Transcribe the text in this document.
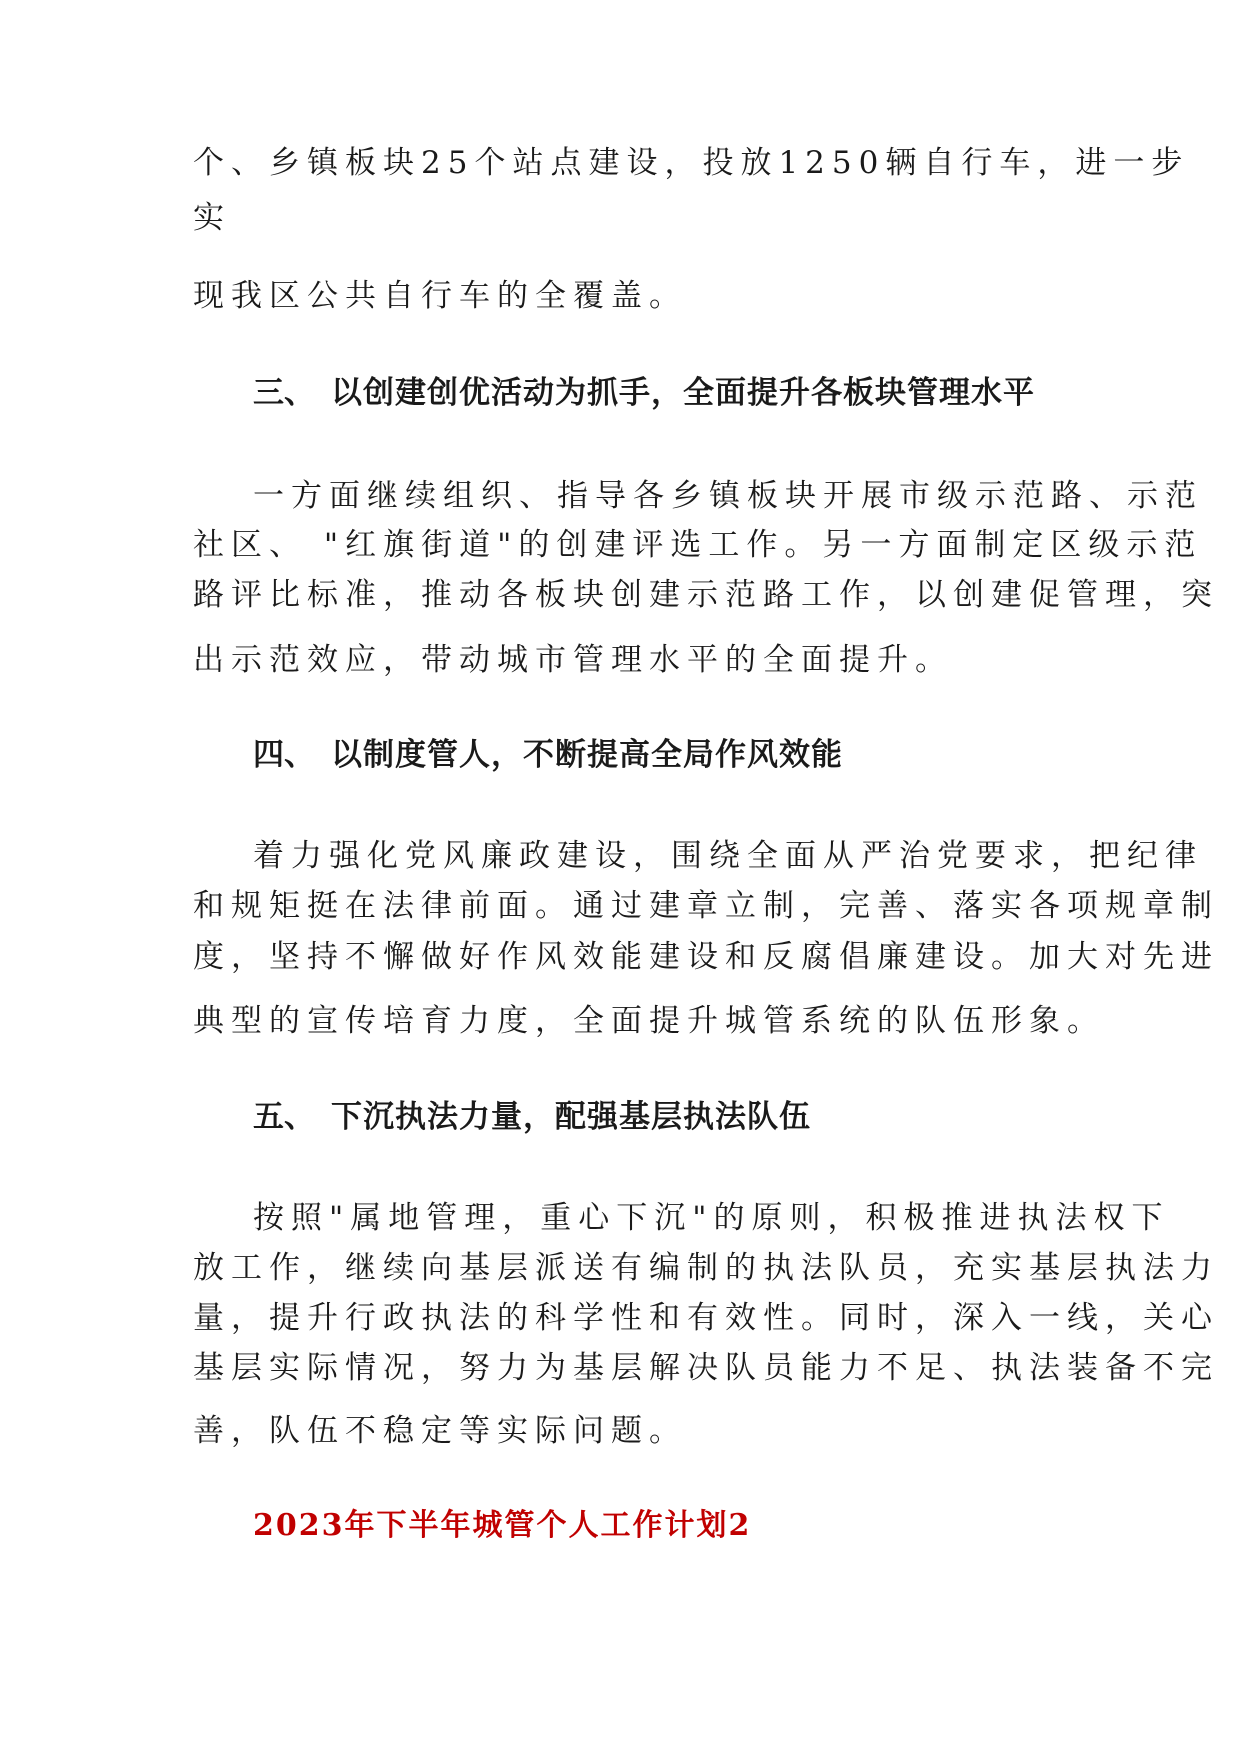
个、乡镇板块25个站点建设，投放1250辆自行车，进一步
实
现我区公共自行车的全覆盖。
三、 以创建创优活动为抓手，全面提升各板块管理水平
一方面继续组织、指导各乡镇板块开展市级示范路、示范
社区、 "红旗街道"的创建评选工作。另一方面制定区级示范
路评比标准，推动各板块创建示范路工作，以创建促管理，突
出示范效应，带动城市管理水平的全面提升。
四、 以制度管人，不断提高全局作风效能
着力强化党风廉政建设，围绕全面从严治党要求，把纪律
和规矩挺在法律前面。通过建章立制，完善、落实各项规章制
度，坚持不懈做好作风效能建设和反腐倡廉建设。加大对先进
典型的宣传培育力度，全面提升城管系统的队伍形象。
五、 下沉执法力量，配强基层执法队伍
按照"属地管理，重心下沉"的原则，积极推进执法权下
放工作，继续向基层派送有编制的执法队员，充实基层执法力
量，提升行政执法的科学性和有效性。同时，深入一线，关心
基层实际情况，努力为基层解决队员能力不足、执法装备不完
善，队伍不稳定等实际问题。
2023年下半年城管个人工作计划2
